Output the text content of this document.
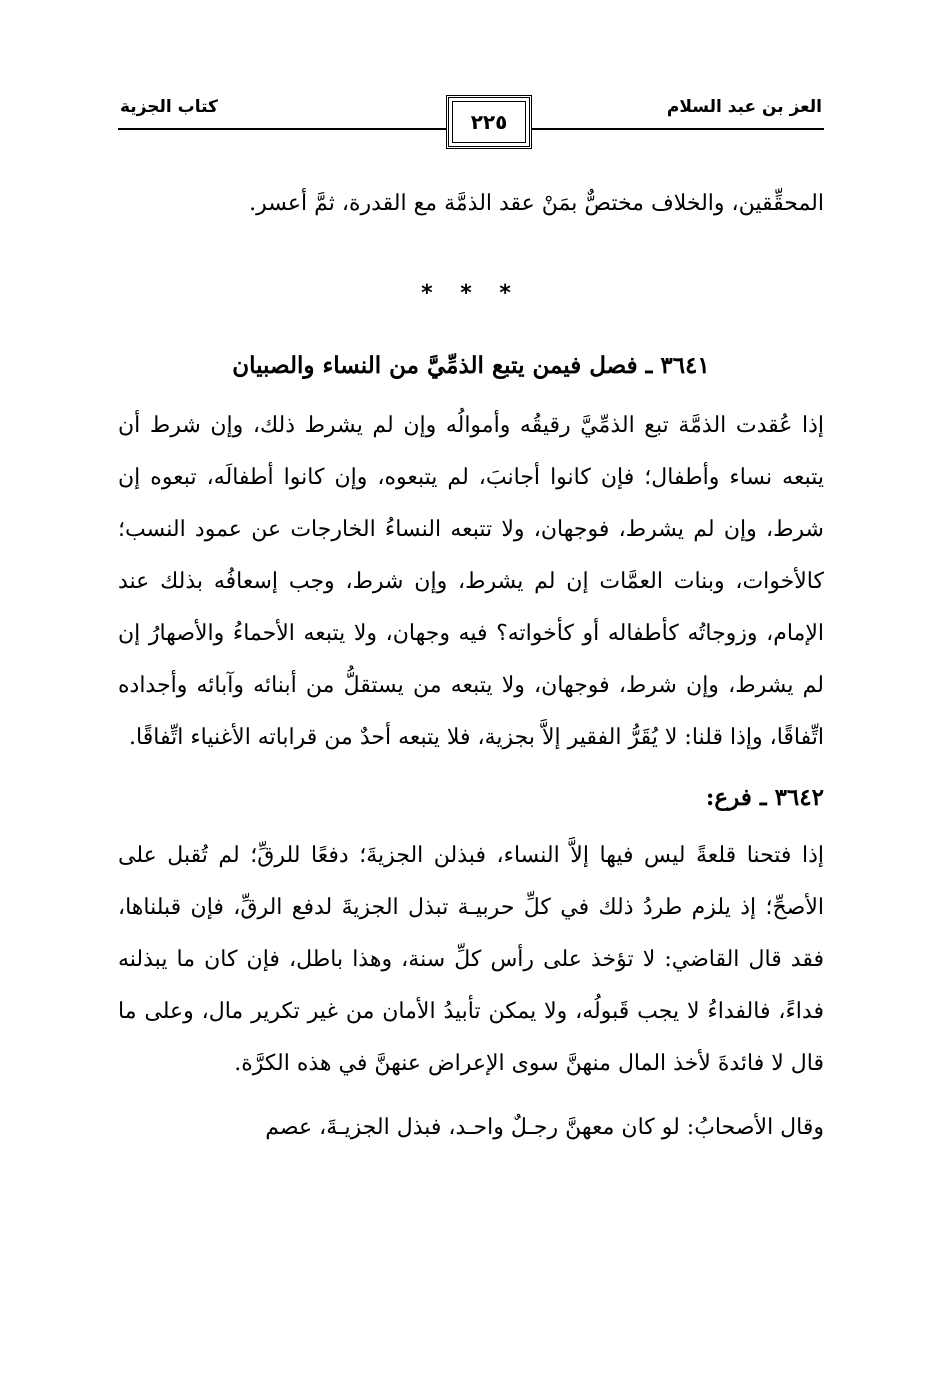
العز بن عبد السلام
٢٢٥
كتاب الجزية

المحقِّقين، والخلاف مختصٌّ بمَنْ عقد الذمَّة مع القدرة، ثمَّ أعسر.

* * *

٣٦٤١ ـ فصل فيمن يتبع الذمِّيَّ من النساء والصبيان

إذا عُقدت الذمَّة تبع الذمِّيَّ رقيقُه وأموالُه وإن لم يشرط ذلك، وإن شرط أن يتبعه نساء وأطفال؛ فإن كانوا أجانبَ، لم يتبعوه، وإن كانوا أطفالَه، تبعوه إن شرط، وإن لم يشرط، فوجهان، ولا تتبعه النساءُ الخارجات عن عمود النسب؛ كالأخوات، وبنات العمَّات إن لم يشرط، وإن شرط، وجب إسعافُه بذلك عند الإمام، وزوجاتُه كأطفاله أو كأخواته؟ فيه وجهان، ولا يتبعه الأحماءُ والأصهارُ إن لم يشرط، وإن شرط، فوجهان، ولا يتبعه من يستقلُّ من أبنائه وآبائه وأجداده اتِّفاقًا، وإذا قلنا: لا يُقَرُّ الفقير إلاَّ بجزية، فلا يتبعه أحدٌ من قراباته الأغنياء اتِّفاقًا.

٣٦٤٢ ـ فرع:

إذا فتحنا قلعةً ليس فيها إلاَّ النساء، فبذلن الجزيةَ؛ دفعًا للرقِّ؛ لم تُقبل على الأصحِّ؛ إذ يلزم طردُ ذلك في كلِّ حربيـة تبذل الجزيةَ لدفع الرقِّ، فإن قبلناها، فقد قال القاضي: لا تؤخذ على رأس كلِّ سنة، وهذا باطل، فإن كان ما يبذلنه فداءً، فالفداءُ لا يجب قَبولُه، ولا يمكن تأبيدُ الأمان من غير تكرير مال، وعلى ما قال لا فائدةَ لأخذ المال منهنَّ سوى الإعراض عنهنَّ في هذه الكرَّة.

وقال الأصحابُ: لو كان معهنَّ رجـلٌ واحـد، فبذل الجزيـةَ، عصم
